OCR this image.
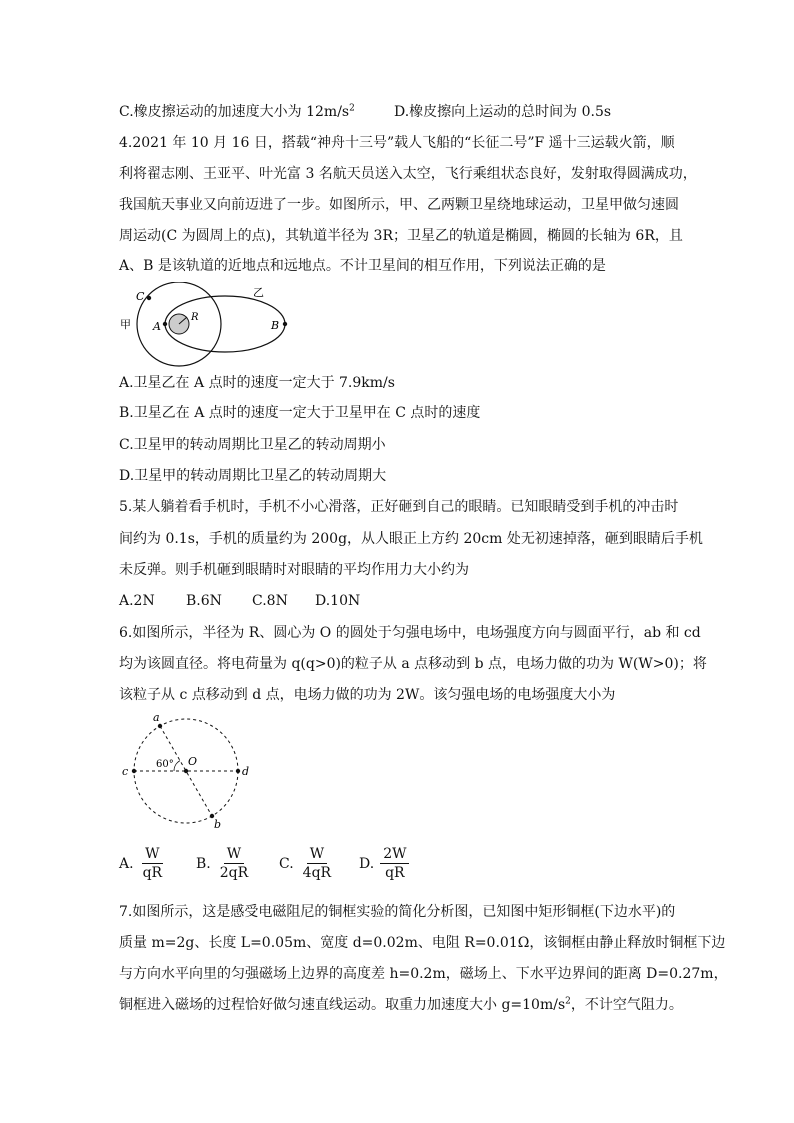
C.橡皮擦运动的加速度大小为 $12m/s^2$	D.橡皮擦向上运动的总时间为 0.5s
4.2021 年 10 月 16 日，搭载“神舟十三号”载人飞船的“长征二号”F 遥十三运载火箭，顺
利将翟志刚、王亚平、叶光富 3 名航天员送入太空，飞行乘组状态良好，发射取得圆满成功，
我国航天事业又向前迈进了一步。如图所示，甲、乙两颗卫星绕地球运动，卫星甲做匀速圆
周运动(C 为圆周上的点)，其轨道半径为 3R；卫星乙的轨道是椭圆，椭圆的长轴为 6R，且
A、B 是该轨道的近地点和远地点。不计卫星间的相互作用，下列说法正确的是
C
甲 A
R
乙
B
A.卫星乙在 A 点时的速度一定大于 7.9km/s
B.卫星乙在 A 点时的速度一定大于卫星甲在 C 点时的速度
C.卫星甲的转动周期比卫星乙的转动周期小
D.卫星甲的转动周期比卫星乙的转动周期大
5.某人躺着看手机时，手机不小心滑落，正好砸到自己的眼睛。已知眼睛受到手机的冲击时
间约为 0.1s，手机的质量约为 200g，从人眼正上方约 20cm 处无初速掉落，砸到眼睛后手机
未反弹。则手机砸到眼睛时对眼睛的平均作用力大小约为
A.2N B.6N C.8N D.10N
6.如图所示，半径为 R、圆心为 O 的圆处于匀强电场中，电场强度方向与圆面平行，ab 和 cd
均为该圆直径。将电荷量为 q(q>0)的粒子从 a 点移动到 b 点，电场力做的功为 W(W>0)；将
该粒子从 c 点移动到 d 点，电场力做的功为 2W。该匀强电场的电场强度大小为
a
b
c	d
O
60°
A. $\frac{W}{qR} B$. $\frac{W}{2qR} C$. $\frac{W}{4qR} D$. $\frac{2W}{qR}$
7.如图所示，这是感受电磁阻尼的铜框实验的简化分析图，已知图中矩形铜框(下边水平)的
质量 m=2g、长度 L=0.05m、宽度 d=0.02m、电阻 R=0.01Ω，该铜框由静止释放时铜框下边
与方向水平向里的匀强磁场上边界的高度差 h=0.2m，磁场上、下水平边界间的距离 D=0.27m，
铜框进入磁场的过程恰好做匀速直线运动。取重力加速度大小 $g=10m/s^2$，不计空气阻力。
